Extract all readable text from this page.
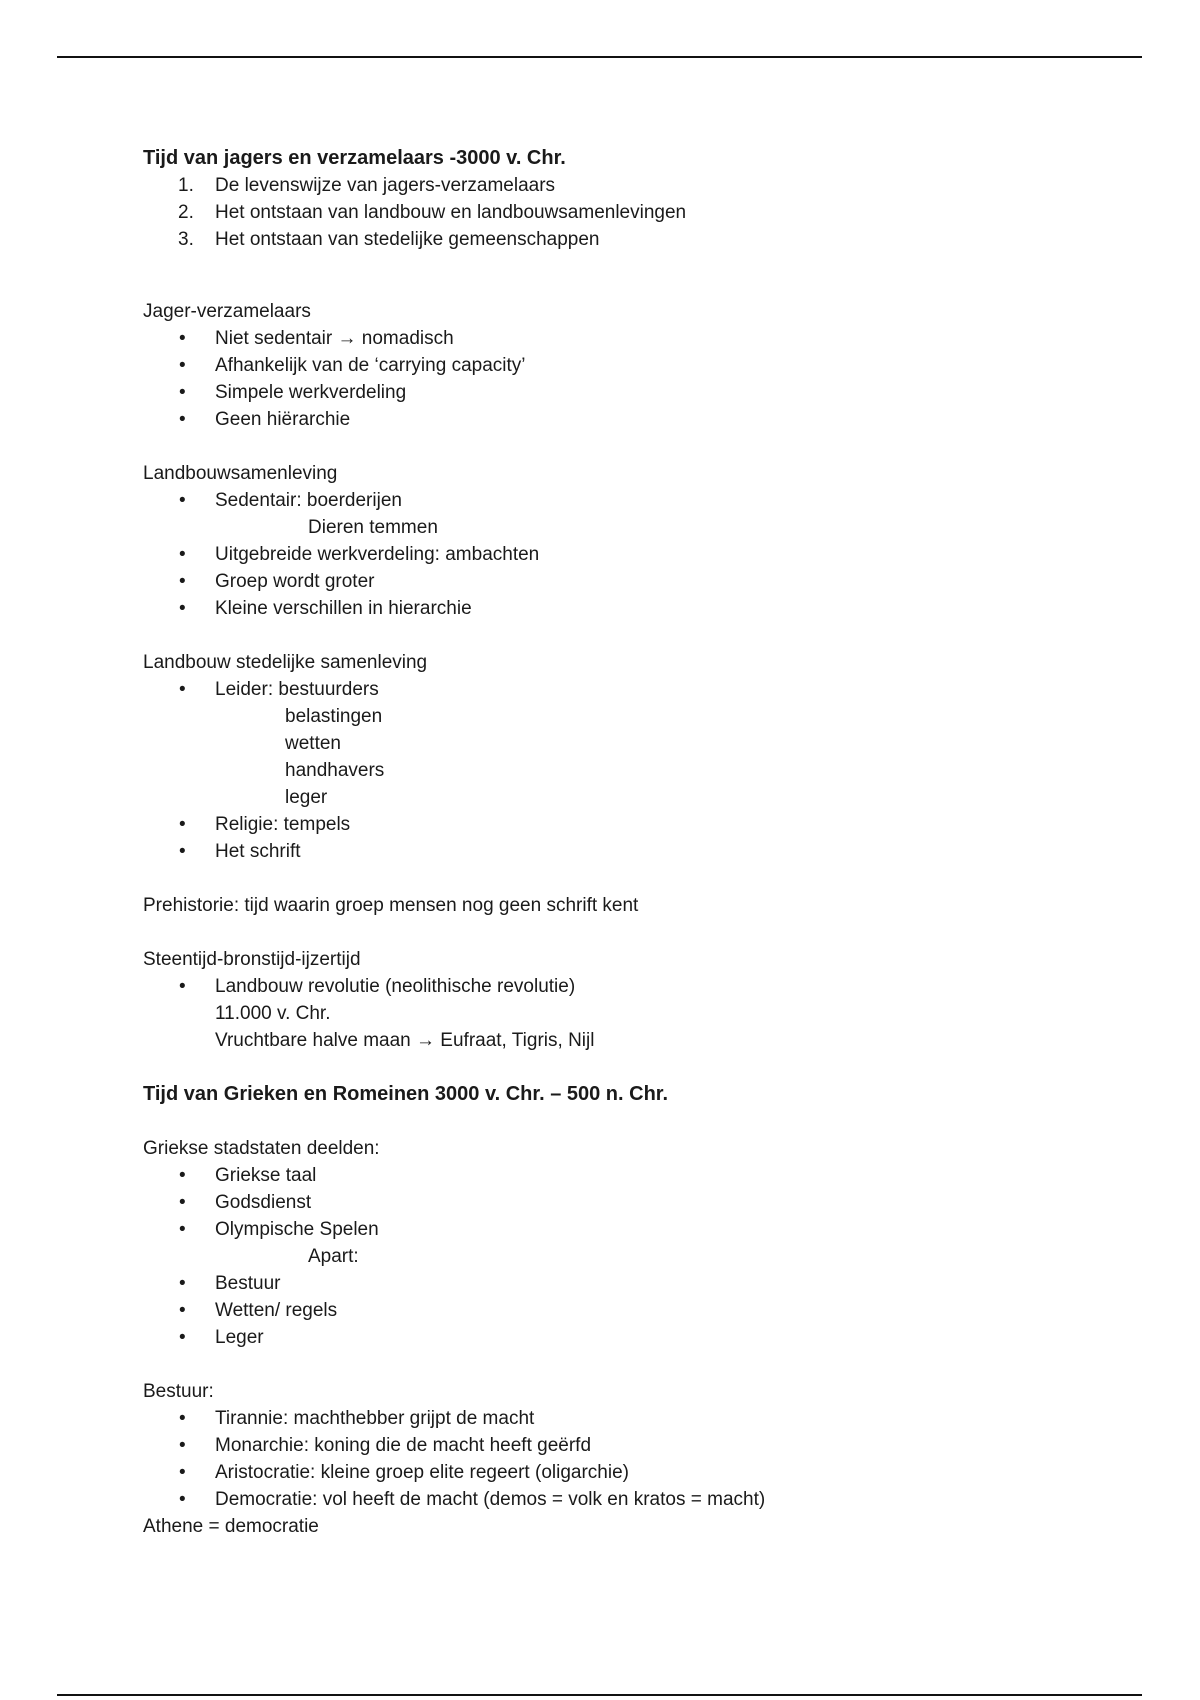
Tijd van jagers en verzamelaars -3000 v. Chr.
1.	De levenswijze van jagers-verzamelaars
2.	Het ontstaan van landbouw en landbouwsamenlevingen
3.	Het ontstaan van stedelijke gemeenschappen
Jager-verzamelaars
•	Niet sedentair → nomadisch
•	Afhankelijk van de ‘carrying capacity’
•	Simpele werkverdeling
•	Geen hiërarchie
Landbouwsamenleving
•	Sedentair: boerderijen
Dieren temmen
•	Uitgebreide werkverdeling: ambachten
•	Groep wordt groter
•	Kleine verschillen in hierarchie
Landbouw stedelijke samenleving
•	Leider: bestuurders
belastingen
wetten
handhavers
leger
•	Religie: tempels
•	Het schrift
Prehistorie: tijd waarin groep mensen nog geen schrift kent
Steentijd-bronstijd-ijzertijd
•	Landbouw revolutie (neolithische revolutie)
11.000 v. Chr.
Vruchtbare halve maan → Eufraat, Tigris, Nijl
Tijd van Grieken en Romeinen 3000 v. Chr. – 500 n. Chr.
Griekse stadstaten deelden:
•	Griekse taal
•	Godsdienst
•	Olympische Spelen
Apart:
•	Bestuur
•	Wetten/ regels
•	Leger
Bestuur:
•	Tirannie: machthebber grijpt de macht
•	Monarchie: koning die de macht heeft geërfd
•	Aristocratie: kleine groep elite regeert (oligarchie)
•	Democratie: vol heeft de macht (demos = volk en kratos = macht)
Athene = democratie
